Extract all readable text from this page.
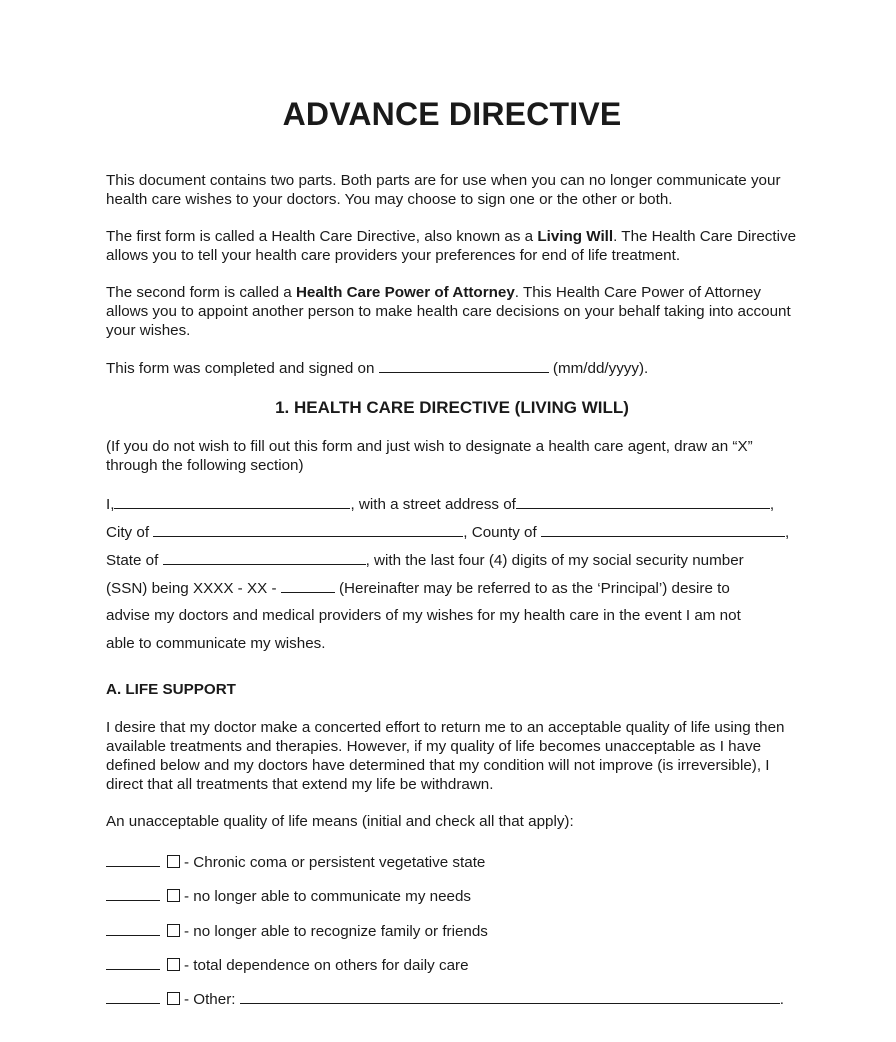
ADVANCE DIRECTIVE

This document contains two parts. Both parts are for use when you can no longer communicate your health care wishes to your doctors. You may choose to sign one or the other or both.

The first form is called a Health Care Directive, also known as a Living Will. The Health Care Directive allows you to tell your health care providers your preferences for end of life treatment.

The second form is called a Health Care Power of Attorney. This Health Care Power of Attorney allows you to appoint another person to make health care decisions on your behalf taking into account your wishes.

This form was completed and signed on	(mm/dd/yyyy).
1. HEALTH CARE DIRECTIVE (LIVING WILL)

(If you do not wish to fill out this form and just wish to designate a health care agent, draw an “X” through the following section)

I,	, with a street address of	,
City of	, County of	,
State of	, with the last four (4) digits of my social security number
(SSN) being XXXX - XX -	(Hereinafter may be referred to as the ‘Principal’) desire to
advise my doctors and medical providers of my wishes for my health care in the event I am not
able to communicate my wishes.
A. LIFE SUPPORT

I desire that my doctor make a concerted effort to return me to an acceptable quality of life using then available treatments and therapies. However, if my quality of life becomes unacceptable as I have defined below and my doctors have determined that my condition will not improve (is irreversible), I direct that all treatments that extend my life be withdrawn.

An unacceptable quality of life means (initial and check all that apply):
- Chronic coma or persistent vegetative state
- no longer able to communicate my needs
- no longer able to recognize family or friends
- total dependence on others for daily care
- Other:	.
